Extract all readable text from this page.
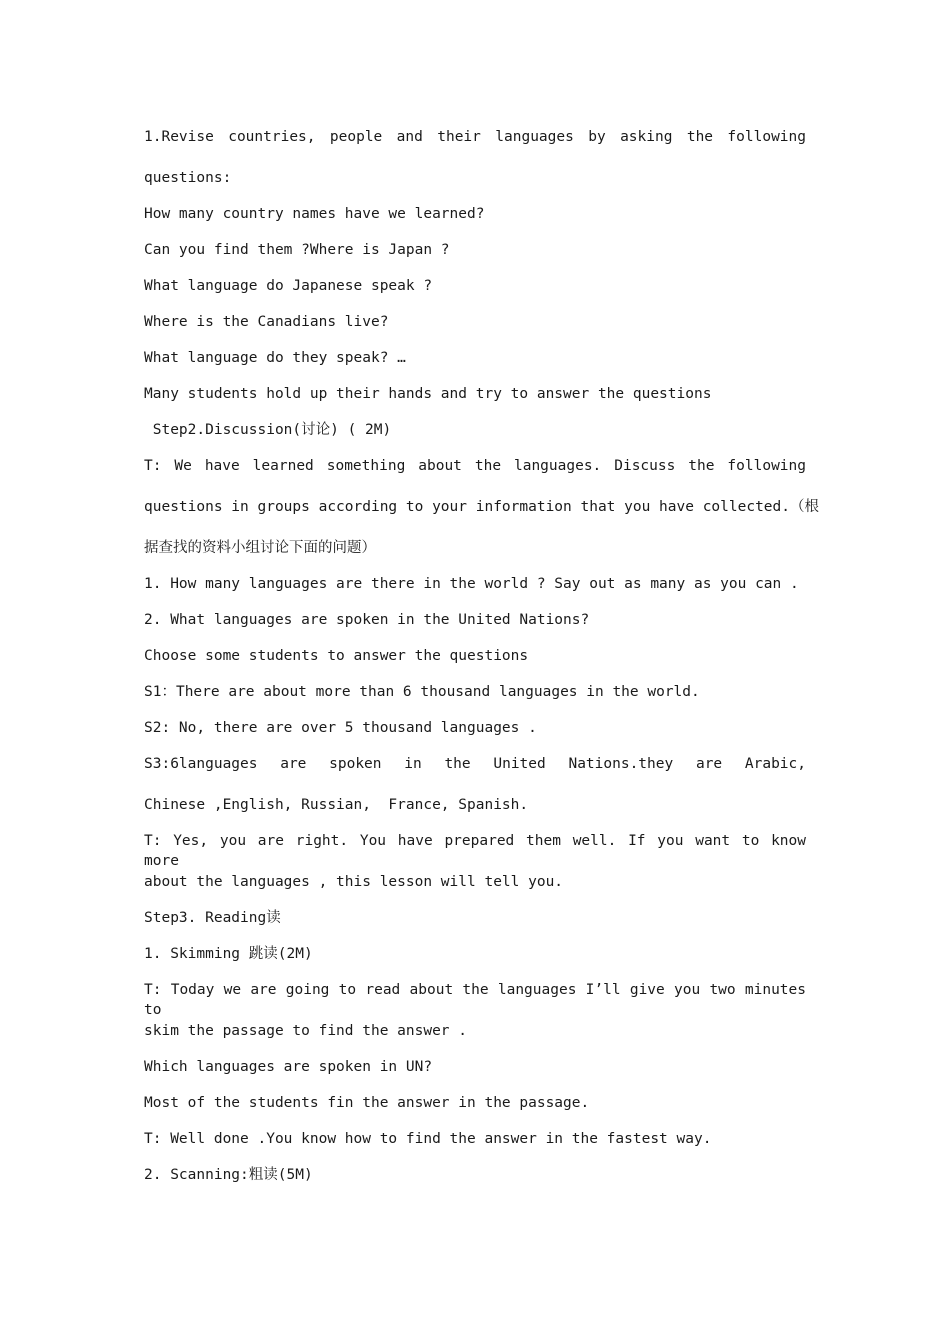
1.Revise countries, people and their languages by asking the following
questions:
How many country names have we learned?
Can you find them ?Where is Japan ?
What language do Japanese speak ?
Where is the Canadians live?
What language do they speak? …
Many students hold up their hands and try to answer the questions
Step2.Discussion(讨论) ( 2M)
T: We have learned something about the languages. Discuss the following
questions in groups according to your information that you have collected.（根
据查找的资料小组讨论下面的问题）
1. How many languages are there in the world ? Say out as many as you can .
2. What languages are spoken in the United Nations?
Choose some students to answer the questions
S1：There are about more than 6 thousand languages in the world.
S2: No, there are over 5 thousand languages .
S3:6languages are spoken in the United Nations.they are Arabic,
Chinese ,English, Russian,  France, Spanish.
T: Yes, you are right. You have prepared them well. If you want to know more
about the languages , this lesson will tell you.
Step3. Reading读
1. Skimming 跳读(2M)
T: Today we are going to read about the languages I’ll give you two minutes to
skim the passage to find the answer .
Which languages are spoken in UN?
Most of the students fin the answer in the passage.
T: Well done .You know how to find the answer in the fastest way.
2. Scanning:粗读(5M)
